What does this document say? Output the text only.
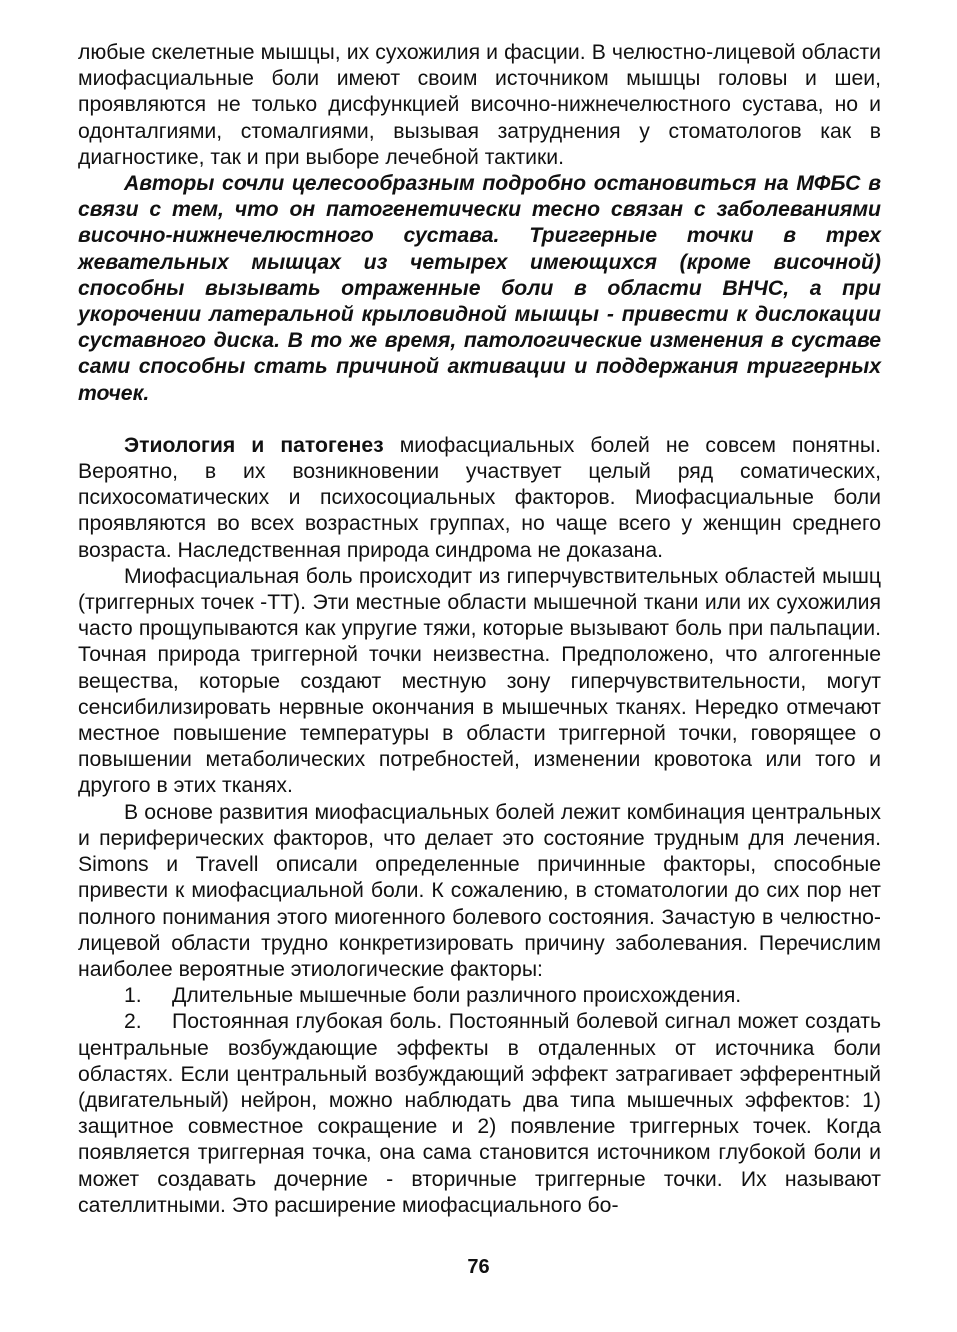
любые скелетные мышцы, их сухожилия и фасции. В челюстно-лицевой области миофасциальные боли имеют своим источником мышцы головы и шеи, проявляются не только дисфункцией височно-нижнечелюстного сустава, но и одонталгиями, стомалгиями, вызывая затруднения у стоматологов как в диагностике, так и при выборе лечебной тактики.

Авторы сочли целесообразным подробно остановиться на МФБС в связи с тем, что он патогенетически тесно связан с заболеваниями височно-нижнечелюстного сустава. Триггерные точки в трех жевательных мышцах из четырех имеющихся (кроме височной) способны вызывать отраженные боли в области ВНЧС, а при укорочении латеральной крыловидной мышцы - привести к дислокации суставного диска. В то же время, патологические изменения в суставе сами способны стать причиной активации и поддержания триггерных точек.

Этиология и патогенез миофасциальных болей не совсем понятны. Вероятно, в их возникновении участвует целый ряд соматических, психосоматических и психосоциальных факторов. Миофасциальные боли проявляются во всех возрастных группах, но чаще всего у женщин среднего возраста. Наследственная природа синдрома не доказана.

Миофасциальная боль происходит из гиперчувствительных областей мышц (триггерных точек -ТТ). Эти местные области мышечной ткани или их сухожилия часто прощупываются как упругие тяжи, которые вызывают боль при пальпации. Точная природа триггерной точки неизвестна. Предположено, что алгогенные вещества, которые создают местную зону гиперчувствительности, могут сенсибилизировать нервные окончания в мышечных тканях. Нередко отмечают местное повышение температуры в области триггерной точки, говорящее о повышении метаболических потребностей, изменении кровотока или того и другого в этих тканях.

В основе развития миофасциальных болей лежит комбинация центральных и периферических факторов, что делает это состояние трудным для лечения. Simons и Travell описали определенные причинные факторы, способные привести к миофасциальной боли. К сожалению, в стоматологии до сих пор нет полного понимания этого миогенного болевого состояния. Зачастую в челюстно-лицевой области трудно конкретизировать причину заболевания. Перечислим наиболее вероятные этиологические факторы:

1. Длительные мышечные боли различного происхождения.

2. Постоянная глубокая боль. Постоянный болевой сигнал может создать центральные возбуждающие эффекты в отдаленных от источника боли областях. Если центральный возбуждающий эффект затрагивает эфферентный (двигательный) нейрон, можно наблюдать два типа мышечных эффектов: 1) защитное совместное сокращение и 2) появление триггерных точек. Когда появляется триггерная точка, она сама становится источником глубокой боли и может создавать дочерние - вторичные триггерные точки. Их называют сателлитными. Это расширение миофасциального бо-

76
